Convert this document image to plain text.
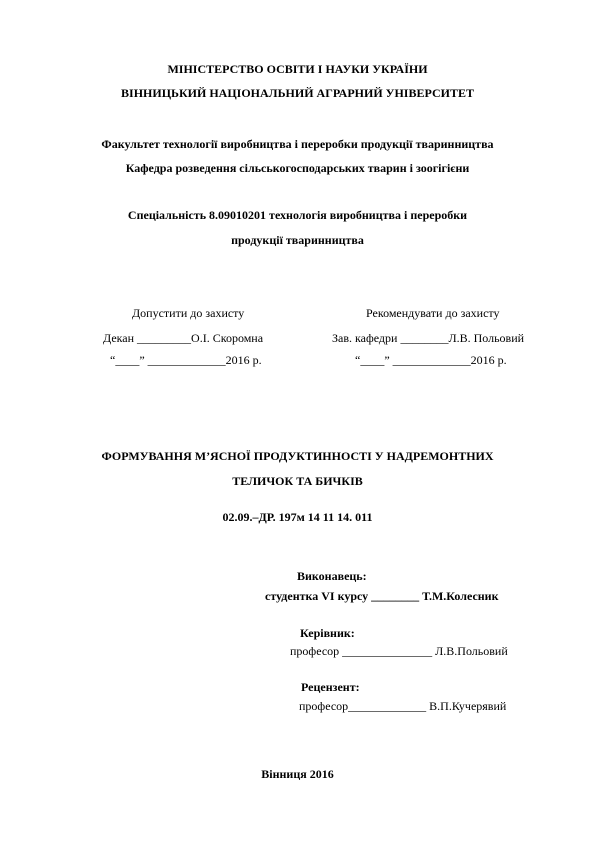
МІНІСТЕРСТВО ОСВІТИ І НАУКИ УКРАЇНИ
ВІННИЦЬКИЙ НАЦІОНАЛЬНИЙ АГРАРНИЙ УНІВЕРСИТЕТ
Факультет технології виробництва і переробки продукції тваринництва
Кафедра розведення сільськогосподарських тварин і зоогігієни
Спеціальність 8.09010201 технологія виробництва і переробки
продукції тваринництва
Допустити до захисту
Декан _________О.І. Скоромна
“____” _____________2016 р.
Рекомендувати до захисту
Зав. кафедри ________Л.В. Польовий
“____” _____________2016 р.
ФОРМУВАННЯ М’ЯСНОЇ ПРОДУКТИННОСТІ У НАДРЕМОНТНИХ
ТЕЛИЧОК ТА БИЧКІВ
02.09.–ДР. 197м 14 11 14. 011
Виконавець:
студентка VI курсу ________ Т.М.Колесник
Керівник:
професор _______________ Л.В.Польовий
Рецензент:
професор_____________ В.П.Кучерявий
Вінниця 2016
